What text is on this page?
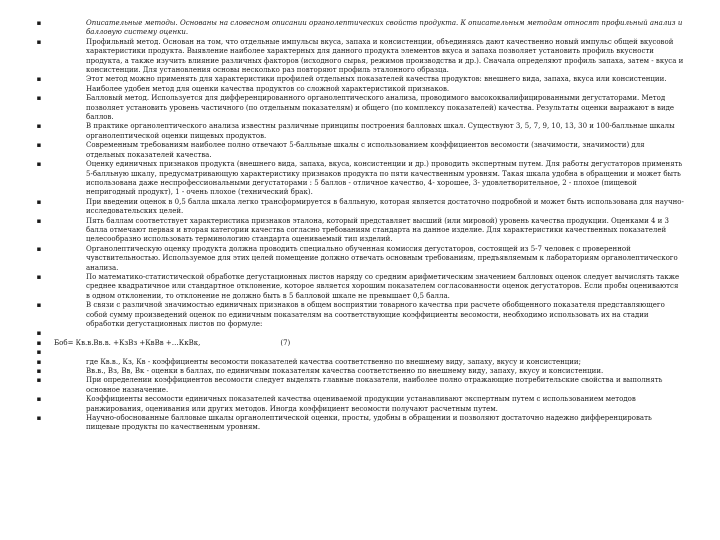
▪	Описательные методы. Основаны на словесном описании органолептических свойств продукта. К описательным методам относят профильный анализ и балловую систему оценки.
▪	Профильный метод. Основан на том, что отдельные импульсы вкуса, запаха и консистенции, объединяясь дают качественно новый импульс общей вкусовой характеристики продукта. Выявление наиболее характерных для данного продукта элементов вкуса и запаха позволяет установить профиль вкусности продукта, а также изучить влияние различных факторов (исходного сырья, режимов производства и др.). Сначала определяют профиль запаха, затем - вкуса и консистенции. Для установления основы несколько раз повторяют профиль эталонного образца.
▪	Этот метод можно применять для характеристики профилей отдельных показателей качества продуктов: внешнего вида, запаха, вкуса или консистенции. Наиболее удобен метод для оценки качества продуктов со сложной характеристикой признаков.
▪	Балловый метод. Используется для дифференцированного органолептического анализа, проводимого высококвалифицированными дегустаторами. Метод позволяет установить уровень частичного (по отдельным показателям) и общего (по комплексу показателей) качества. Результаты оценки выражают в виде баллов.
▪	В практике органолептического анализа известны различные принципы построения балловых шкал. Существуют 3, 5, 7, 9, 10, 13, 30 и 100-балльные шкалы органолептической оценки пищевых продуктов.
▪	Современным требованиям наиболее полно отвечают 5-балльные шкалы с использованием коэффициентов весомости (значимости, значимости) для отдельных показателей качества.
▪	Оценку единичных признаков продукта (внешнего вида, запаха, вкуса, консистенции и др.) проводить экспертным путем. Для работы дегустаторов применять 5-балльную шкалу, предусматривающую характеристику признаков продукта по пяти качественным уровням. Такая шкала удобна в обращении и может быть использована даже неспрофессиональными дегустаторами : 5 баллов - отличное качество, 4- хорошее, 3- удовлетворительное, 2 - плохое (пищевой непригодный продукт), 1 - очень плохое (технический брак).
▪	При введении оценок в 0,5 балла шкала легко трансформируется в балльную, которая является достаточно подробной и может быть использована для научно-исследовательских целей.
▪	Пять баллам соответствует характеристика признаков эталона, который представляет высший (или мировой) уровень качества продукции. Оценками 4 и 3 балла отмечают первая и вторая категории качества согласно требованиям стандарта на данное изделие. Для характеристики качественных показателей целесообразно использовать терминологию стандарта оцениваемый тип изделий.
▪	Органолептическую оценку продукта должна проводить специально обученная комиссия дегустаторов, состоящей из 5-7 человек с проверенной чувствительностью. Используемое для этих целей помещение должно отвечать основным требованиям, предъявляемым к лабораториям органолептического анализа.
▪	По математико-статистической обработке дегустационных листов наряду со средним арифметическим значением балловых оценок следует вычислять также среднее квадратичное или стандартное отклонение, которое является хорошим показателем согласованности оценок дегустаторов. Если пробы оцениваются в одном отклонении, то отклонение не должно быть в 5 балловой шкале не превышает 0,5 балла.
▪	В связи с различной значимостью единичных признаков в общем восприятии товарного качества при расчете обобщенного показателя представляющего собой сумму произведений оценок по единичным показателям на соответствующие коэффициенты весомости, необходимо использовать их на стадии обработки дегустационных листов по формуле:
▪
▪	Боб= Кв.в.Вв.в. +КзВз +КвВв +…КкВк,	(7)
▪
▪	где Кв.в., Кз, Кв - коэффициенты весомости показателей качества соответственно по внешнему виду, запаху, вкусу и консистенции;
▪	Вв.в., Вз, Вв, Вк - оценки в баллах, по единичным показателям качества соответственно по внешнему виду, запаху, вкусу и консистенции.
▪	При определении коэффициентов весомости следует выделять главные показатели, наиболее полно отражающие потребительские свойства и выполнять основное назначение.
▪	Коэффициенты весомости единичных показателей качества оцениваемой продукции устанавливают экспертным путем с использованием методов ранжирования, оценивания или других методов. Иногда коэффициент весомости получают расчетным путем.
▪	Научно-обоснованные балловые шкалы органолептической оценки, просты, удобны в обращении и позволяют достаточно надежно дифференцировать пищевые продукты по качественным уровням.
